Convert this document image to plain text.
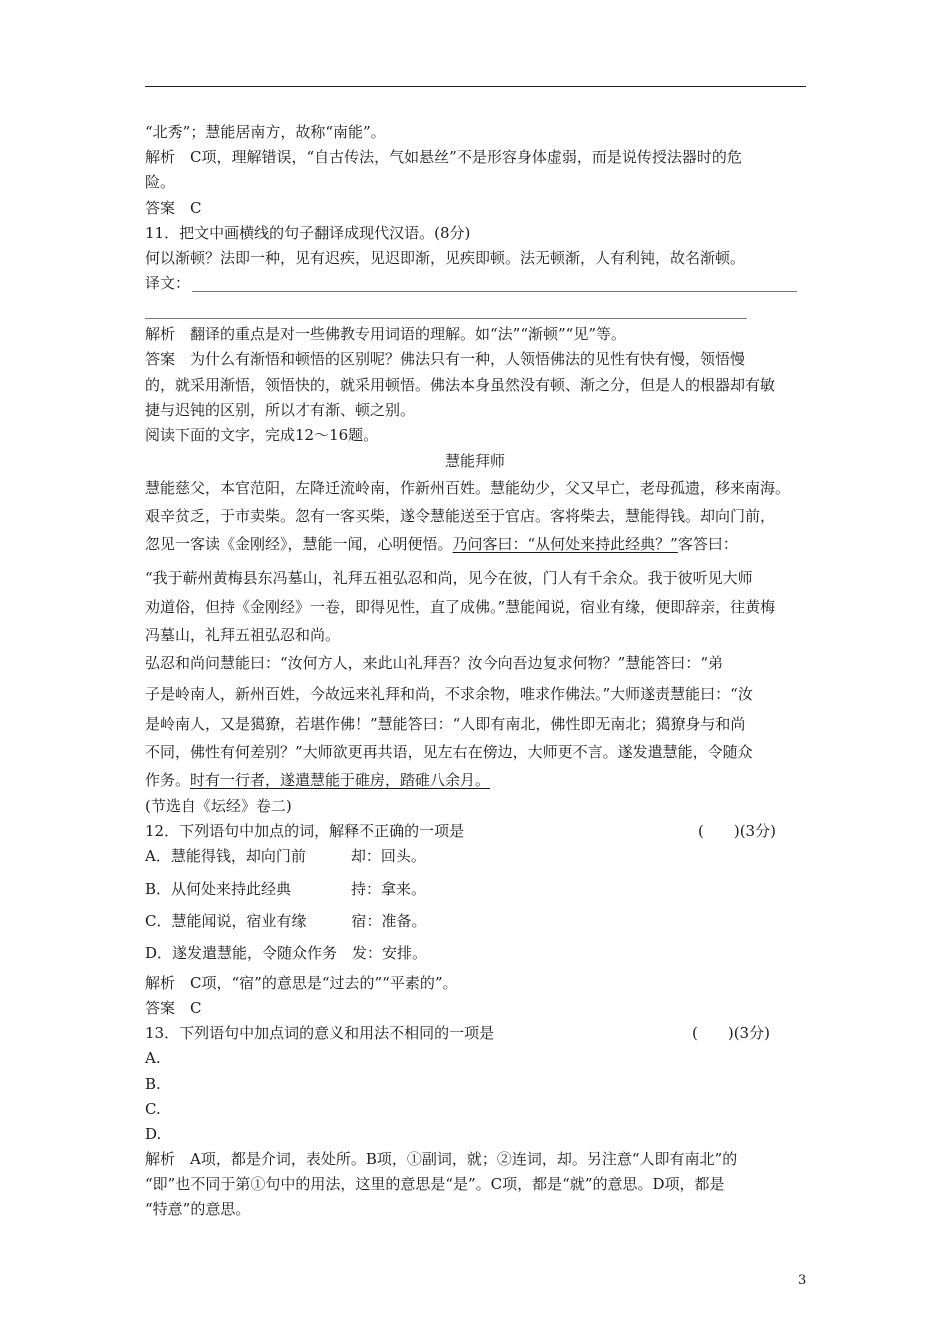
“北秀”；慧能居南方，故称“南能”。
解析　C项，理解错误，“自古传法，气如悬丝”不是形容身体虚弱，而是说传授法器时的危
险。
答案　C
11．把文中画横线的句子翻译成现代汉语。(8分)
何以渐顿？法即一种，见有迟疾，见迟即渐，见疾即顿。法无顿渐，人有利钝，故名渐顿。
译文：
解析　翻译的重点是对一些佛教专用词语的理解。如“法”“渐顿”“见”等。
答案　为什么有渐悟和顿悟的区别呢？佛法只有一种，人领悟佛法的见性有快有慢，领悟慢
的，就采用渐悟，领悟快的，就采用顿悟。佛法本身虽然没有顿、渐之分，但是人的根器却有敏
捷与迟钝的区别，所以才有渐、顿之别。
阅读下面的文字，完成12～16题。
慧能拜师
慧能慈父，本官范阳，左降迁流岭南，作新州百姓。慧能幼少，父又早亡，老母孤遗，移来南海。
艰辛贫乏，于市卖柴。忽有一客买柴，遂令慧能送至于官店。客将柴去，慧能得钱。却向门前，
忽见一客读《金刚经》，慧能一闻，心明便悟。乃问客曰：“从何处来持此经典？”客答曰：
“我于蕲州黄梅县东冯墓山，礼拜五祖弘忍和尚，见今在彼，门人有千余众。我于彼听见大师
劝道俗，但持《金刚经》一卷，即得见性，直了成佛。”慧能闻说，宿业有缘，便即辞亲，往黄梅
冯墓山，礼拜五祖弘忍和尚。
弘忍和尚问慧能曰：“汝何方人，来此山礼拜吾？汝今向吾边复求何物？”慧能答曰：“弟
子是岭南人，新州百姓，今故远来礼拜和尚，不求余物，唯求作佛法。”大师遂责慧能曰：“汝
是岭南人，又是獦獠，若堪作佛！”慧能答曰：“人即有南北，佛性即无南北；獦獠身与和尚
不同，佛性有何差别？”大师欲更再共语，见左右在傍边，大师更不言。遂发遣慧能，令随众
作务。时有一行者，遂遣慧能于碓房，踏碓八余月。
(节选自《坛经》卷二)
12．下列语句中加点的词，解释不正确的一项是	(　　)(3分)
A．慧能得钱，却向门前　　　却：回头。
B．从何处来持此经典　　　　持：拿来。
C．慧能闻说，宿业有缘　　　宿：准备。
D．遂发遣慧能，令随众作务　发：安排。
解析　C项，“宿”的意思是“过去的”“平素的”。
答案　C
13．下列语句中加点词的意义和用法不相同的一项是	(　　)(3分)
A.
B.
C.
D.
解析　A项，都是介词，表处所。B项，①副词，就；②连词，却。另注意“人即有南北”的
“即”也不同于第①句中的用法，这里的意思是“是”。C项，都是“就”的意思。D项，都是
“特意”的意思。
3
